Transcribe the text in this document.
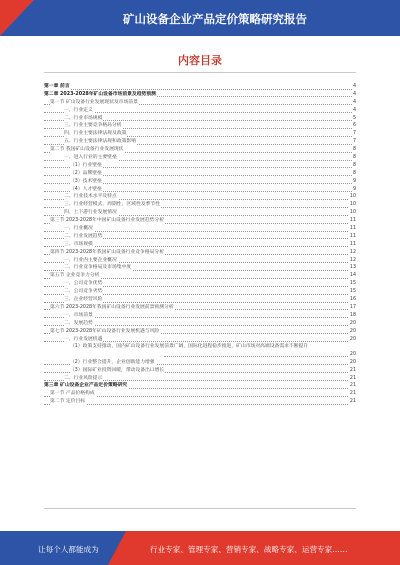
矿山设备企业产品定价策略研究报告
内容目录
第一章 前言	4
第二章 2023-2028年矿山设备市场前景及趋势预测	4
第一节 矿山设备行业发展现状及市场前景	4
一、行业定义	4
二、行业市场规模	5
三、行业主要竞争格局分析	6
四、行业主要法律法规及政策	7
五、行业主要法律法规和政策影响	7
第二节 我国矿山设备行业发展现状	8
一、进入行业的主要壁垒	8
（1）行业壁垒	8
（2）品牌壁垒	8
（3）技术壁垒	9
（4）人才壁垒	9
二、行业技术水平及特点	10
三、行业经营模式、周期性、区域性及季节性	10
四、上下游行业发展情况	10
第三节 2023-2028年中国矿山设备行业发展趋势分析	11
一、行业概况	11
二、行业发展趋势	11
三、市场规模	11
第四节 2023-2028年我国矿山设备行业竞争格局分析	12
一、行业内主要企业概况	12
二、行业竞争格局及市场集中度	13
第五节 企业竞争力分析	14
一、公司竞争优势	15
二、公司竞争劣势	15
三、企业经营风险	16
第六节 2023-2028年我国矿山设备行业发展前景预测分析	17
一、市场前景	18
二、发展趋势	20
第七节 2023-2028年矿山设备行业发展机遇与风险	20
一、行业发展机遇	20
（1）政策支持推动，国内矿山设备行业发展前景广阔，国际化进程稳步推进，矿山市场对高端设备需求不断提升
20
（2）行业整合提升，企业创新能力增强	20
（3）国际矿业投资回暖，带动设备出口增长	21
二、行业风险提示	21
第三章 矿山设备企业产品定价策略研究	21
第一节 产品价格构成	21
第二节 定价目标	21
让每个人都能成为	行业专家、管理专家、营销专家、战略专家、运营专家……
